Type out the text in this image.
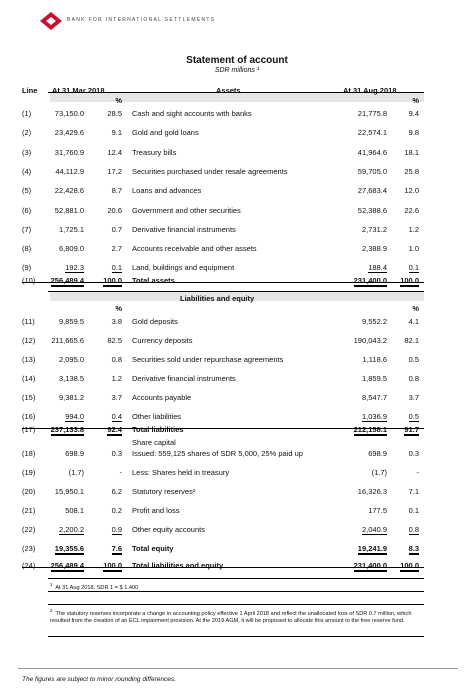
BANK FOR INTERNATIONAL SETTLEMENTS
Statement of account
SDR millions ¹
Line At 31 Mar 2018	Assets	At 31 Aug 2018
%	%
(1)	73,150.0	28.5 Cash and sight accounts with banks	21,775.8	9.4
(2)	23,429.6	9.1 Gold and gold loans	22,574.1	9.8
(3)	31,760.9	12.4 Treasury bills	41,964.6 18.1
(4)	44,112.9	17.2 Securities purchased under resale agreements	59,705.0 25.8
(5)	22,428.6	8.7 Loans and advances	27,683.4 12.0
(6)	52,881.0	20.6 Government and other securities	52,388.6 22.6
(7)	1,725.1	0.7 Derivative financial instruments	2,731.2	1.2
(8)	6,809.0	2.7 Accounts receivable and other assets	2,388.9	1.0
(9)	192.3	0.1 Land, buildings and equipment	188.4	0.1
(10) 256,489.4	100.0 Total assets	231,400.0 100.0
Liabilities and equity
%	%
(11)	9,859.5	3.8 Gold deposits	9,552.2	4.1
(12) 211,665.6	82.5 Currency deposits	190,043.2 82.1
(13)	2,095.0	0.8 Securities sold under repurchase agreements	1,118.6	0.5
(14)	3,138.5	1.2 Derivative financial instruments	1,859.5	0.8
(15)	9,381.2	3.7 Accounts payable	8,547.7	3.7
(16)	994.0	0.4 Other liabilities	1,036.9	0.5
(17) 237,133.8	92.4 Total liabilities	212,158.1 91.7
Share capital
(18)	698.9	0.3 Issued: 559,125 shares of SDR 5,000, 25% paid up	698.9	0.3
(19)	(1.7)	- Less: Shares held in treasury	(1.7)	-
(20)	15,950.1	6.2 Statutory reserves²	16,326.3	7.1
(21)	508.1	0.2 Profit and loss	177.5	0.1
(22)	2,200.2	0.9 Other equity accounts	2,040.9	0.8
(23)	19,355.6	7.6 Total equity	19,241.9	8.3
(24) 256,489.4	100.0 Total liabilities and equity	231,400.0 100.0
$^1$  At 31 Aug 2018, SDR 1 = $ 1.400
$^2$  The statutory reserves incorporate a change in accounting policy effective 1 April 2018 and reflect the unallocated loss of SDR 0.7 million, which resulted from the creation of an ECL impairment provision. At the 2019 AGM, it will be proposed to allocate this amount to the free reserve fund.
The figures are subject to minor rounding differences.
